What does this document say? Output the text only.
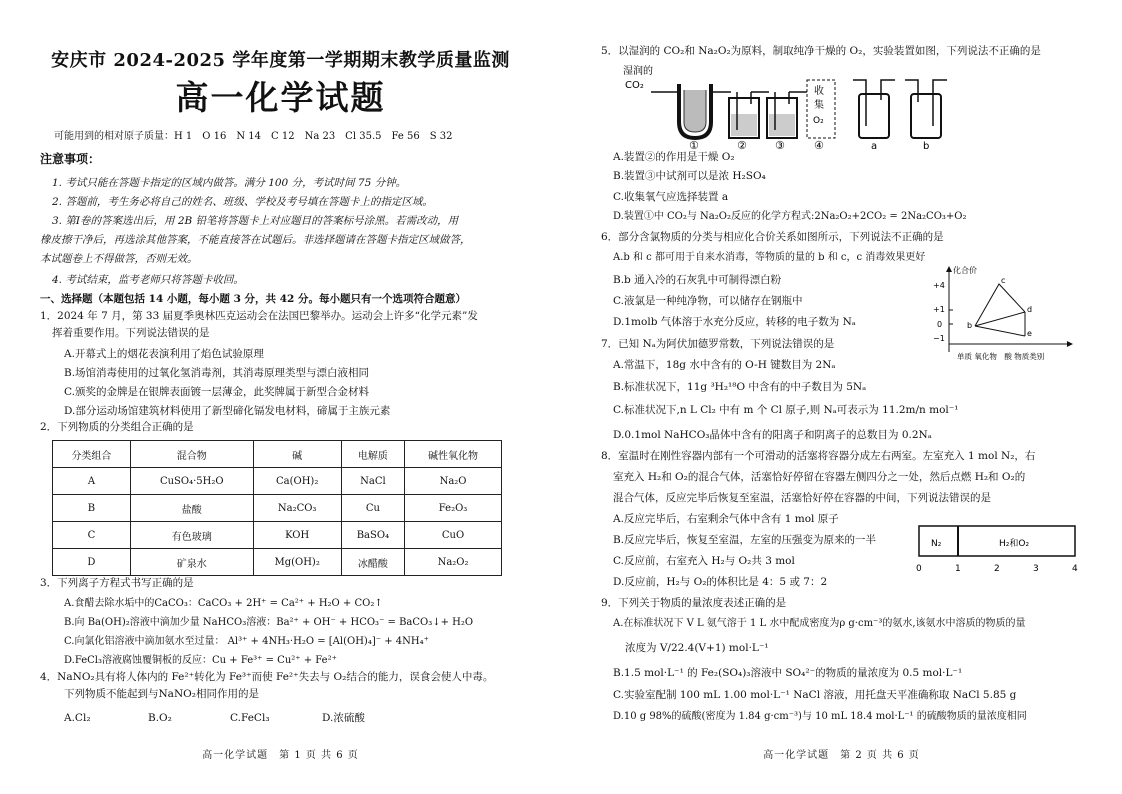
安庆市 2024-2025 学年度第一学期期末教学质量监测
高一化学试题
可能用到的相对原子质量：H 1　O 16　N 14　C 12　Na 23　Cl 35.5　Fe 56　S 32
注意事项：
1. 考试只能在答题卡指定的区域内做答。满分 100 分，考试时间 75 分钟。
2. 答题前，考生务必将自己的姓名、班级、学校及考号填在答题卡上的指定区域。
3. 第Ⅰ卷的答案选出后，用 2B 铅笔将答题卡上对应题目的答案标号涂黑。若需改动，用
橡皮擦干净后，再选涂其他答案，不能直接答在试题后。非选择题请在答题卡指定区域做答，
本试题卷上不得做答，否则无效。
4. 考试结束，监考老师只将答题卡收回。
一、选择题（本题包括 14 小题，每小题 3 分，共 42 分。每小题只有一个选项符合题意）
1．2024 年 7 月，第 33 届夏季奥林匹克运动会在法国巴黎举办。运动会上许多“化学元素”发
挥着重要作用。下列说法错误的是
A.开幕式上的烟花表演利用了焰色试验原理
B.场馆消毒使用的过氧化氢消毒剂，其消毒原理类型与漂白液相同
C.颁奖的金牌是在银牌表面镀一层薄金，此奖牌属于新型合金材料
D.部分运动场馆建筑材料使用了新型碲化镉发电材料，碲属于主族元素
2．下列物质的分类组合正确的是
分类组合	混合物	碱	电解质	碱性氧化物
A	CuSO₄·5H₂O	Ca(OH)₂	NaCl	Na₂O
B	盐酸	Na₂CO₃	Cu	Fe₂O₃
C	有色玻璃	KOH	BaSO₄	CuO
D	矿泉水	Mg(OH)₂	冰醋酸	Na₂O₂
3．下列离子方程式书写正确的是
A.食醋去除水垢中的CaCO₃：CaCO₃ + 2H⁺ = Ca²⁺ + H₂O + CO₂↑
B.向 Ba(OH)₂溶液中滴加少量 NaHCO₃溶液：Ba²⁺ + OH⁻ + HCO₃⁻ = BaCO₃↓+ H₂O
C.向氯化铝溶液中滴加氨水至过量： Al³⁺ + 4NH₃·H₂O = [Al(OH)₄]⁻ + 4NH₄⁺
D.FeCl₃溶液腐蚀覆铜板的反应：Cu + Fe³⁺ = Cu²⁺ + Fe²⁺
4．NaNO₂具有将人体内的 Fe²⁺转化为 Fe³⁺而使 Fe²⁺失去与 O₂结合的能力，误食会使人中毒。
下列物质不能起到与NaNO₂相同作用的是
A.Cl₂	B.O₂	C.FeCl₃	D.浓硫酸
高一化学试题　第 1 页 共 6 页
5．以湿润的 CO₂和 Na₂O₂为原料，制取纯净干燥的 O₂，实验装置如图，下列说法不正确的是
湿润的
CO₂
收
集
O₂
①	②	③	④	a	b
A.装置②的作用是干燥 O₂
B.装置③中试剂可以是浓 H₂SO₄
C.收集氧气应选择装置 a
D.装置①中 CO₂与 Na₂O₂反应的化学方程式:2Na₂O₂+2CO₂ = 2Na₂CO₃+O₂
6．部分含氯物质的分类与相应化合价关系如图所示，下列说法不正确的是
A.b 和 c 都可用于自来水消毒，等物质的量的 b 和 c，c 消毒效果更好
B.b 通入冷的石灰乳中可制得漂白粉
C.液氯是一种纯净物，可以储存在钢瓶中
D.1molb 气体溶于水充分反应，转移的电子数为 Nₐ
化合价
+4
+1
0
−1
b
c
d
e
单质 氧化物　酸 物质类别
7．已知 Nₐ为阿伏加德罗常数，下列说法错误的是
A.常温下，18g 水中含有的 O-H 键数目为 2Nₐ
B.标准状况下，11g ³H₂¹⁸O 中含有的中子数目为 5Nₐ
C.标准状况下,n L Cl₂ 中有 m 个 Cl 原子,则 Nₐ可表示为 11.2m/n mol⁻¹
D.0.1mol NaHCO₃晶体中含有的阳离子和阴离子的总数目为 0.2Nₐ
8．室温时在刚性容器内部有一个可滑动的活塞将容器分成左右两室。左室充入 1 mol N₂，右
室充入 H₂和 O₂的混合气体，活塞恰好停留在容器左侧四分之一处，然后点燃 H₂和 O₂的
混合气体，反应完毕后恢复至室温，活塞恰好停在容器的中间，下列说法错误的是
A.反应完毕后，右室剩余气体中含有 1 mol 原子
B.反应完毕后，恢复至室温，左室的压强变为原来的一半
C.反应前，右室充入 H₂与 O₂共 3 mol
D.反应前，H₂与 O₂的体积比是 4：5 或 7：2
N₂	H₂和O₂
0	1	2	3	4
9．下列关于物质的量浓度表述正确的是
A.在标准状况下 V L 氨气溶于 1 L 水中配成密度为ρ g·cm⁻³的氨水,该氨水中溶质的物质的量
浓度为 V/22.4(V+1) mol·L⁻¹
B.1.5 mol·L⁻¹ 的 Fe₂(SO₄)₃溶液中 SO₄²⁻的物质的量浓度为 0.5 mol·L⁻¹
C.实验室配制 100 mL 1.00 mol·L⁻¹ NaCl 溶液，用托盘天平准确称取 NaCl 5.85 g
D.10 g 98%的硫酸(密度为 1.84 g·cm⁻³)与 10 mL 18.4 mol·L⁻¹ 的硫酸物质的量浓度相同
高一化学试题　第 2 页 共 6 页
